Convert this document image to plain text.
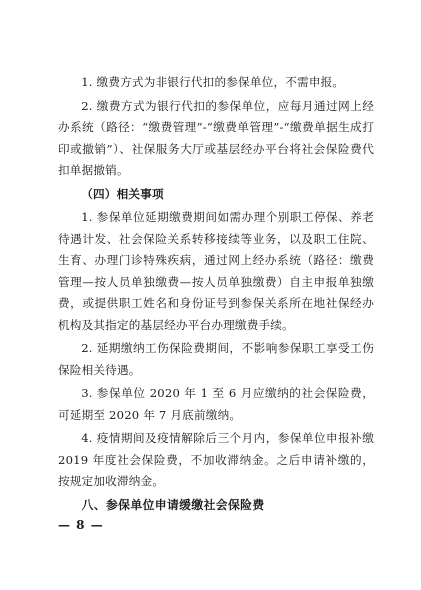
1. 缴费方式为非银行代扣的参保单位，不需申报。

2. 缴费方式为银行代扣的参保单位，应每月通过网上经办系统（路径：“缴费管理”-“缴费单管理”-“缴费单据生成打印或撤销”）、社保服务大厅或基层经办平台将社会保险费代扣单据撤销。

（四）相关事项

1. 参保单位延期缴费期间如需办理个别职工停保、养老待遇计发、社会保险关系转移接续等业务，以及职工住院、生育、办理门诊特殊疾病，通过网上经办系统（路径：缴费管理—按人员单独缴费—按人员单独缴费）自主申报单独缴费，或提供职工姓名和身份证号到参保关系所在地社保经办机构及其指定的基层经办平台办理缴费手续。

2. 延期缴纳工伤保险费期间，不影响参保职工享受工伤保险相关待遇。

3. 参保单位 2020 年 1 至 6 月应缴纳的社会保险费，可延期至 2020 年 7 月底前缴纳。

4. 疫情期间及疫情解除后三个月内，参保单位申报补缴 2019 年度社会保险费，不加收滞纳金。之后申请补缴的，按规定加收滞纳金。

八、参保单位申请缓缴社会保险费

— 8 —
